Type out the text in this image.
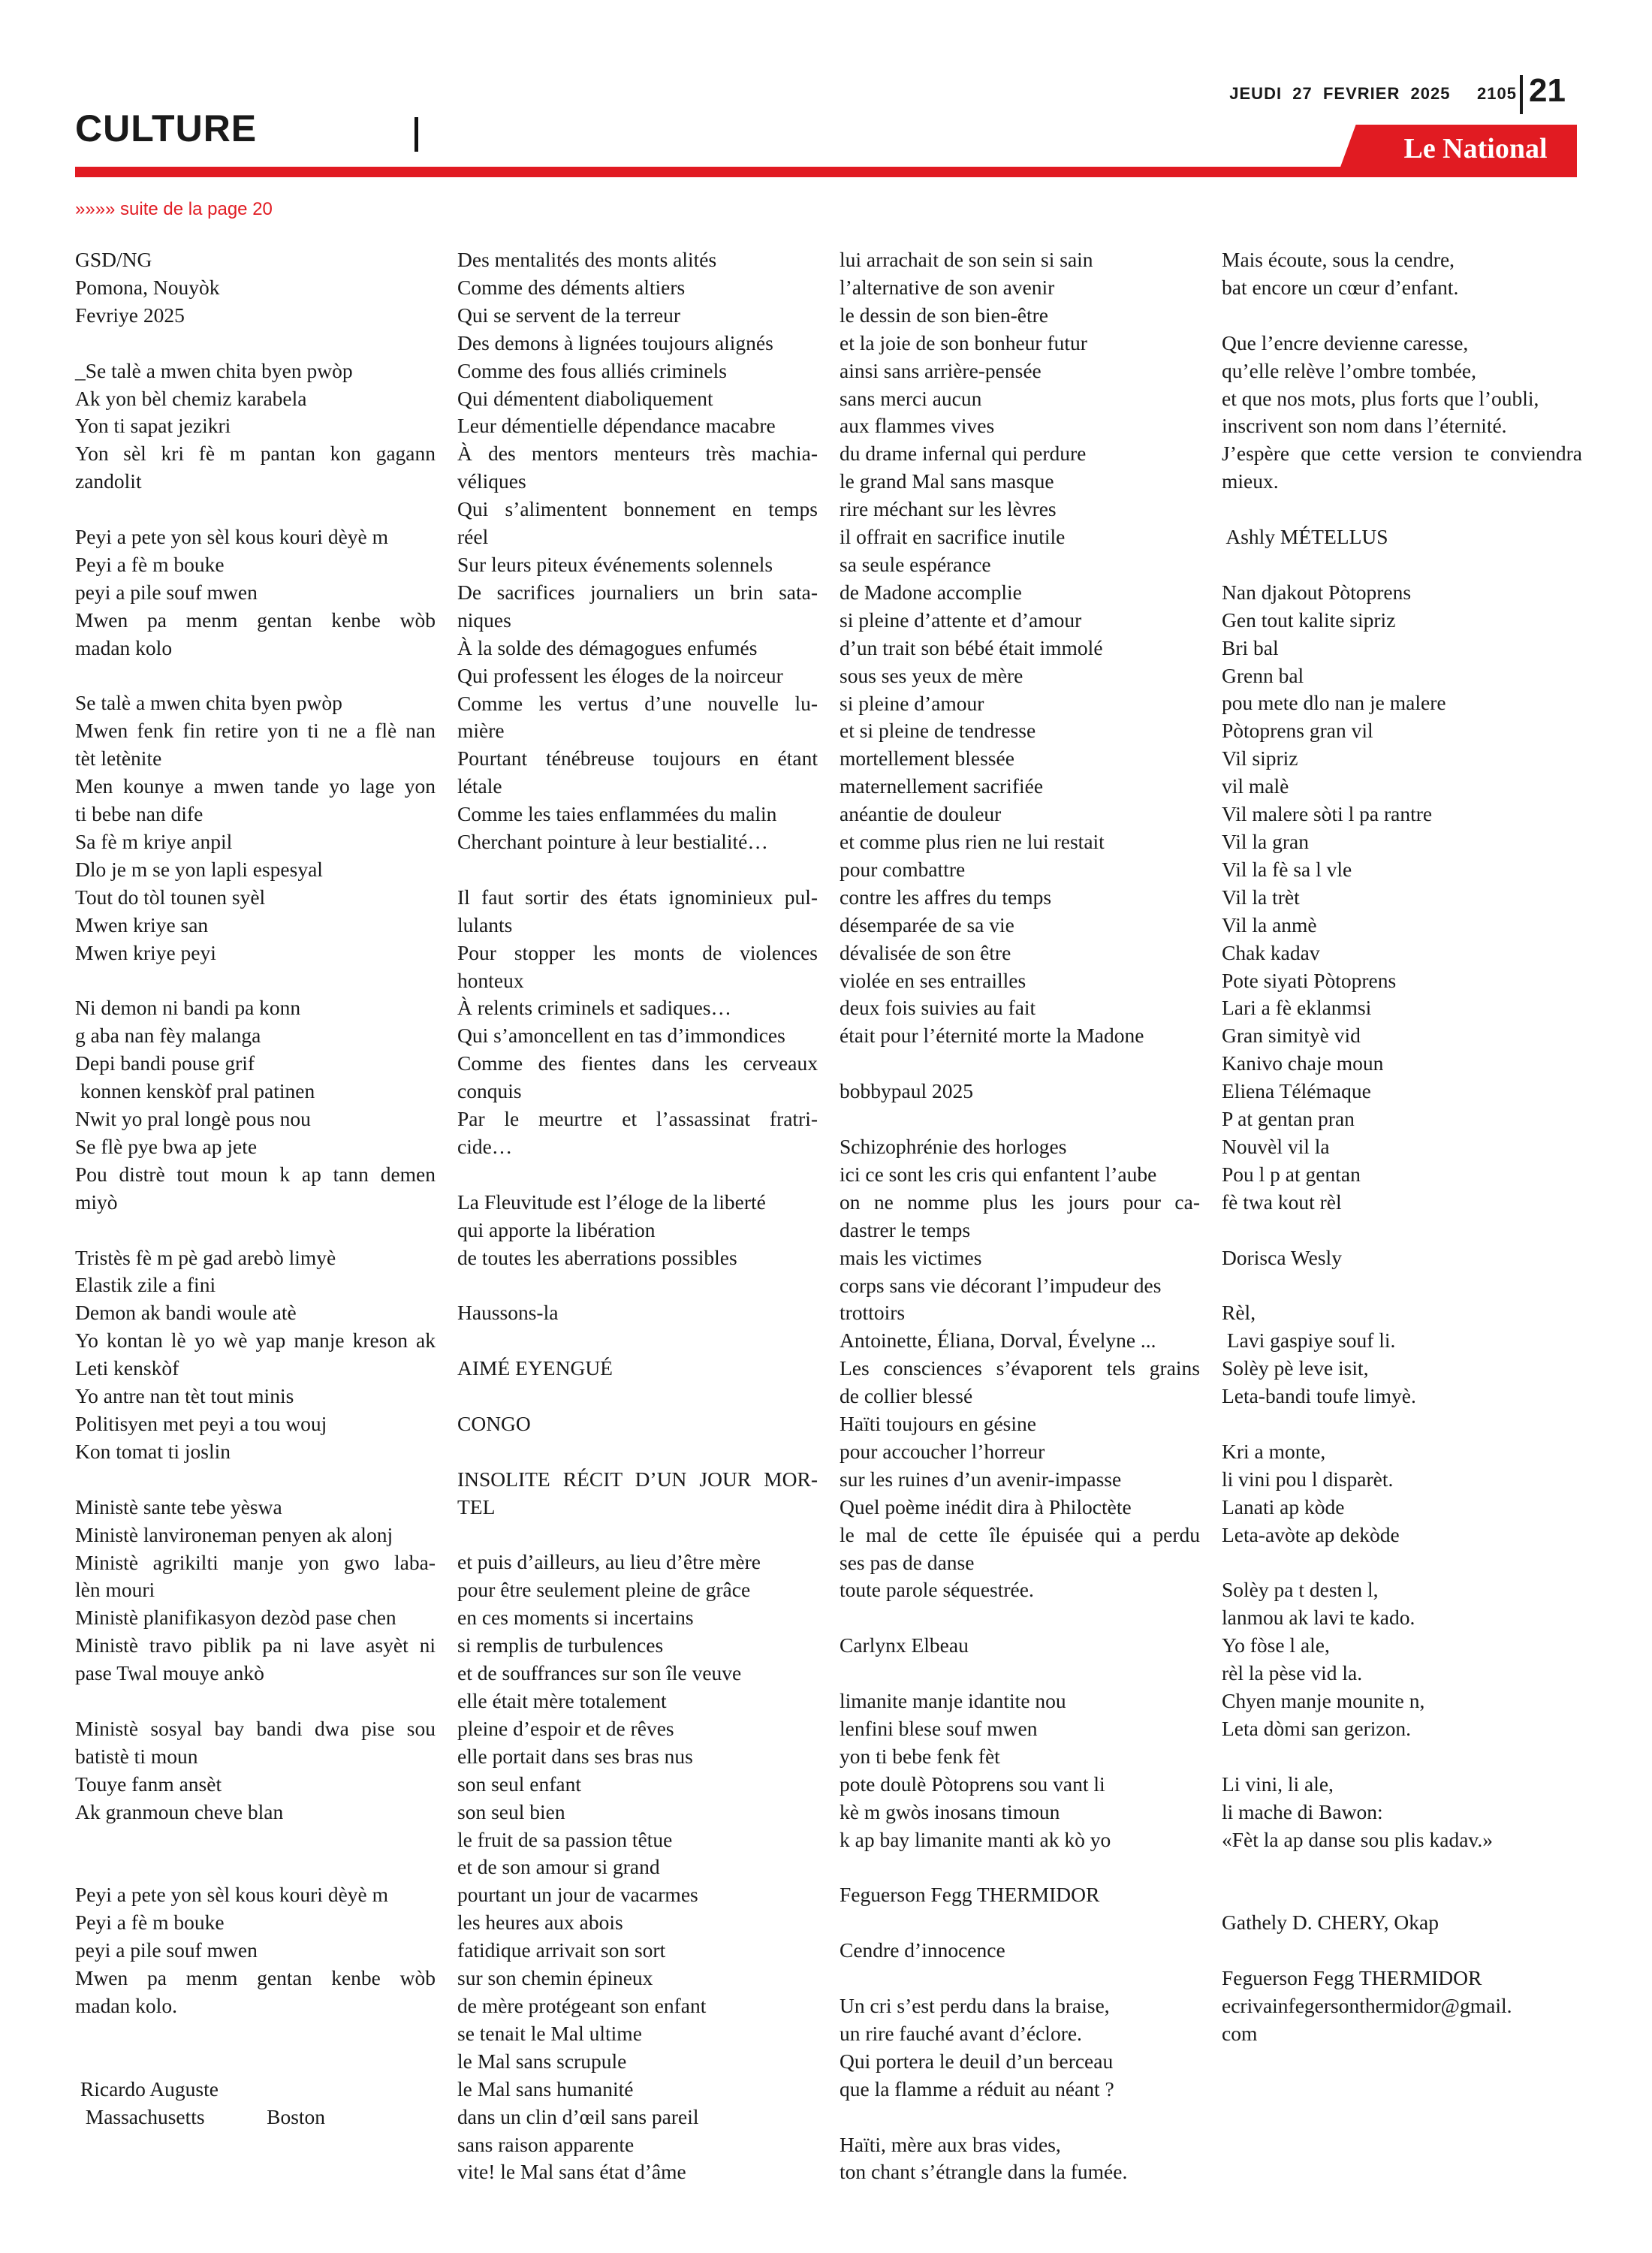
JEUDI  27  FEVRIER  2025     2105 21
CULTURE	Le National
»»»» suite de la page 20
GSD/NG
Pomona, Nouyòk
Fevriye 2025
_Se talè a mwen chita byen pwòp
Ak yon bèl chemiz karabela
Yon ti sapat jezikri
Yon sèl kri fè m pantan kon gagann
zandolit
Peyi a pete yon sèl kous kouri dèyè m
Peyi a fè m bouke
peyi a pile souf mwen
Mwen pa menm gentan kenbe wòb
madan kolo
Se talè a mwen chita byen pwòp
Mwen fenk fin retire yon ti ne a flè nan
tèt letènite
Men kounye a mwen tande yo lage yon
ti bebe nan dife
Sa fè m kriye anpil
Dlo je m se yon lapli espesyal
Tout do tòl tounen syèl
Mwen kriye san
Mwen kriye peyi
Ni demon ni bandi pa konn
g aba nan fèy malanga
Depi bandi pouse grif
konnen kenskòf pral patinen
Nwit yo pral longè pous nou
Se flè pye bwa ap jete
Pou distrè tout moun k ap tann demen
miyò
Tristès fè m pè gad arebò limyè
Elastik zile a fini
Demon ak bandi woule atè
Yo kontan lè yo wè yap manje kreson ak
Leti kenskòf
Yo antre nan tèt tout minis
Politisyen met peyi a tou wouj
Kon tomat ti joslin
Ministè sante tebe yèswa
Ministè lanvironeman penyen ak alonj
Ministè agrikilti manje yon gwo laba-
lèn mouri
Ministè planifikasyon dezòd pase chen
Ministè travo piblik pa ni lave asyèt ni
pase Twal mouye ankò
Ministè sosyal bay bandi dwa pise sou
batistè ti moun
Touye fanm ansèt
Ak granmoun cheve blan
Peyi a pete yon sèl kous kouri dèyè m
Peyi a fè m bouke
peyi a pile souf mwen
Mwen pa menm gentan kenbe wòb
madan kolo.
Ricardo Auguste
Massachusetts            Boston
Des mentalités des monts alités
Comme des déments altiers
Qui se servent de la terreur
Des demons à lignées toujours alignés
Comme des fous alliés criminels
Qui démentent diaboliquement
Leur démentielle dépendance macabre
À des mentors menteurs très machia-
véliques
Qui s’alimentent bonnement en temps
réel
Sur leurs piteux événements solennels
De sacrifices journaliers un brin sata-
niques
À la solde des démagogues enfumés
Qui professent les éloges de la noirceur
Comme les vertus d’une nouvelle lu-
mière
Pourtant ténébreuse toujours en étant
létale
Comme les taies enflammées du malin
Cherchant pointure à leur bestialité…
Il faut sortir des états ignominieux pul-
lulants
Pour stopper les monts de violences
honteux
À relents criminels et sadiques…
Qui s’amoncellent en tas d’immondices
Comme des fientes dans les cerveaux
conquis
Par le meurtre et l’assassinat fratri-
cide…
La Fleuvitude est l’éloge de la liberté
qui apporte la libération
de toutes les aberrations possibles
Haussons-la
AIMÉ EYENGUÉ
CONGO
INSOLITE RÉCIT D’UN JOUR MOR-
TEL
et puis d’ailleurs, au lieu d’être mère
pour être seulement pleine de grâce
en ces moments si incertains
si remplis de turbulences
et de souffrances sur son île veuve
elle était mère totalement
pleine d’espoir et de rêves
elle portait dans ses bras nus
son seul enfant
son seul bien
le fruit de sa passion têtue
et de son amour si grand
pourtant un jour de vacarmes
les heures aux abois
fatidique arrivait son sort
sur son chemin épineux
de mère protégeant son enfant
se tenait le Mal ultime
le Mal sans scrupule
le Mal sans humanité
dans un clin d’œil sans pareil
sans raison apparente
vite! le Mal sans état d’âme
lui arrachait de son sein si sain
l’alternative de son avenir
le dessin de son bien-être
et la joie de son bonheur futur
ainsi sans arrière-pensée
sans merci aucun
aux flammes vives
du drame infernal qui perdure
le grand Mal sans masque
rire méchant sur les lèvres
il offrait en sacrifice inutile
sa seule espérance
de Madone accomplie
si pleine d’attente et d’amour
d’un trait son bébé était immolé
sous ses yeux de mère
si pleine d’amour
et si pleine de tendresse
mortellement blessée
maternellement sacrifiée
anéantie de douleur
et comme plus rien ne lui restait
pour combattre
contre les affres du temps
désemparée de sa vie
dévalisée de son être
violée en ses entrailles
deux fois suivies au fait
était pour l’éternité morte la Madone
bobbypaul 2025
Schizophrénie des horloges
ici ce sont les cris qui enfantent l’aube
on ne nomme plus les jours pour ca-
dastrer le temps
mais les victimes
corps sans vie décorant l’impudeur des
trottoirs
Antoinette, Éliana, Dorval, Évelyne ...
Les consciences s’évaporent tels grains
de collier blessé
Haïti toujours en gésine
pour accoucher l’horreur
sur les ruines d’un avenir-impasse
Quel poème inédit dira à Philoctète
le mal de cette île épuisée qui a perdu
ses pas de danse
toute parole séquestrée.
Carlynx Elbeau
limanite manje idantite nou
lenfini blese souf mwen
yon ti bebe fenk fèt
pote doulè Pòtoprens sou vant li
kè m gwòs inosans timoun
k ap bay limanite manti ak kò yo
Feguerson Fegg THERMIDOR
Cendre d’innocence
Un cri s’est perdu dans la braise,
un rire fauché avant d’éclore.
Qui portera le deuil d’un berceau
que la flamme a réduit au néant ?
Haïti, mère aux bras vides,
ton chant s’étrangle dans la fumée.
Mais écoute, sous la cendre,
bat encore un cœur d’enfant.
Que l’encre devienne caresse,
qu’elle relève l’ombre tombée,
et que nos mots, plus forts que l’oubli,
inscrivent son nom dans l’éternité.
J’espère que cette version te conviendra
mieux.
Ashly MÉTELLUS
Nan djakout Pòtoprens
Gen tout kalite sipriz
Bri bal
Grenn bal
pou mete dlo nan je malere
Pòtoprens gran vil
Vil sipriz
vil malè
Vil malere sòti l pa rantre
Vil la gran
Vil la fè sa l vle
Vil la trèt
Vil la anmè
Chak kadav
Pote siyati Pòtoprens
Lari a fè eklanmsi
Gran simityè vid
Kanivo chaje moun
Eliena Télémaque
P at gentan pran
Nouvèl vil la
Pou l p at gentan
fè twa kout rèl
Dorisca Wesly
Rèl,
Lavi gaspiye souf li.
Solèy pè leve isit,
Leta-bandi toufe limyè.
Kri a monte,
li vini pou l disparèt.
Lanati ap kòde
Leta-avòte ap dekòde
Solèy pa t desten l,
lanmou ak lavi te kado.
Yo fòse l ale,
rèl la pèse vid la.
Chyen manje mounite n,
Leta dòmi san gerizon.
Li vini, li ale,
li mache di Bawon:
«Fèt la ap danse sou plis kadav.»
Gathely D. CHERY, Okap
Feguerson Fegg THERMIDOR
ecrivainfegersonthermidor@gmail.
com
